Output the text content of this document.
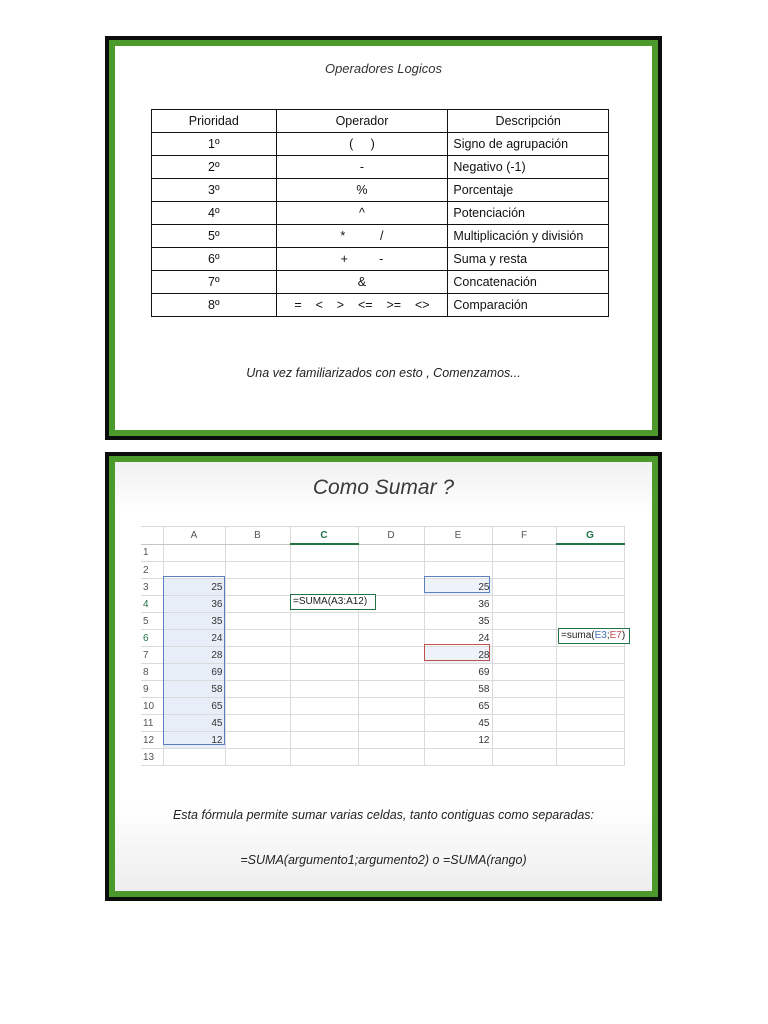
Operadores Logicos
Prioridad	Operador	Descripción
1º	(     )	Signo de agrupación
2º	-	Negativo (-1)
3º	%	Porcentaje
4º	^	Potenciación
5º	*          /	Multiplicación y división
6º	+         -	Suma y resta
7º	&	Concatenación
8º	=    <    >    <=    >=    <>	Comparación
Una vez familiarizados con esto , Comenzamos...
Como Sumar ?
	A	B	C	D	E	F	G
1							
2							
3	25				25		
4	36				36		
5	35				35		
6	24				24		
7	28				28		
8	69				69		
9	58				58		
10	65				65		
11	45				45		
12	12				12		
13							
=SUMA(A3:A12)
=suma(E3;E7)
Esta fórmula permite sumar varias celdas, tanto contiguas como separadas:
=SUMA(argumento1;argumento2) o =SUMA(rango)
